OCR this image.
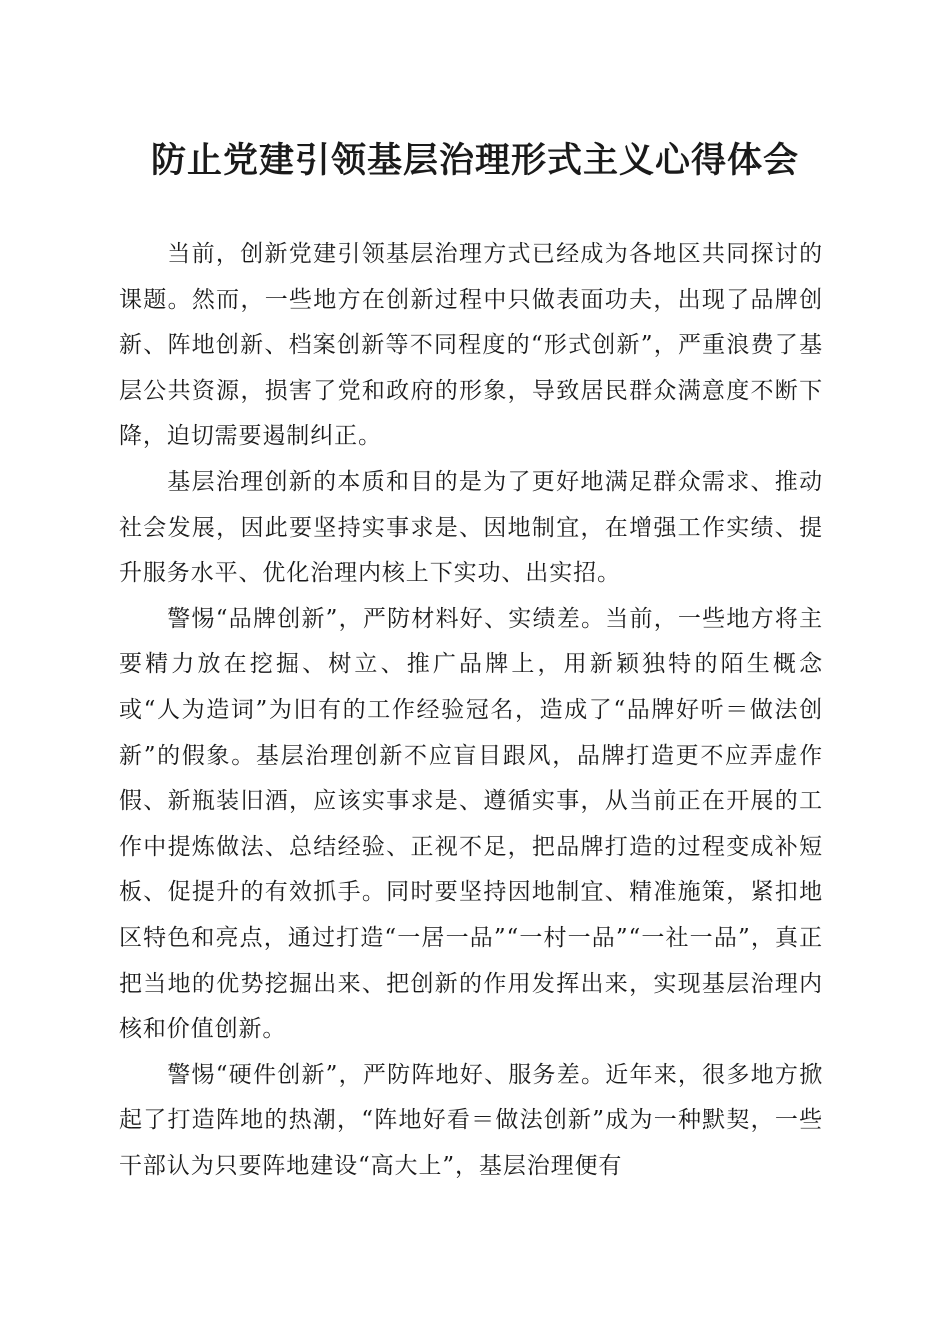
防止党建引领基层治理形式主义心得体会

当前，创新党建引领基层治理方式已经成为各地区共同探讨的课题。然而，一些地方在创新过程中只做表面功夫，出现了品牌创新、阵地创新、档案创新等不同程度的“形式创新”，严重浪费了基层公共资源，损害了党和政府的形象，导致居民群众满意度不断下降，迫切需要遏制纠正。

基层治理创新的本质和目的是为了更好地满足群众需求、推动社会发展，因此要坚持实事求是、因地制宜，在增强工作实绩、提升服务水平、优化治理内核上下实功、出实招。

警惕“品牌创新”，严防材料好、实绩差。当前，一些地方将主要精力放在挖掘、树立、推广品牌上，用新颖独特的陌生概念或“人为造词”为旧有的工作经验冠名，造成了“品牌好听＝做法创新”的假象。基层治理创新不应盲目跟风，品牌打造更不应弄虚作假、新瓶装旧酒，应该实事求是、遵循实事，从当前正在开展的工作中提炼做法、总结经验、正视不足，把品牌打造的过程变成补短板、促提升的有效抓手。同时要坚持因地制宜、精准施策，紧扣地区特色和亮点，通过打造“一居一品”“一村一品”“一社一品”，真正把当地的优势挖掘出来、把创新的作用发挥出来，实现基层治理内核和价值创新。

警惕“硬件创新”，严防阵地好、服务差。近年来，很多地方掀起了打造阵地的热潮，“阵地好看＝做法创新”成为一种默契，一些干部认为只要阵地建设“高大上”，基层治理便有
